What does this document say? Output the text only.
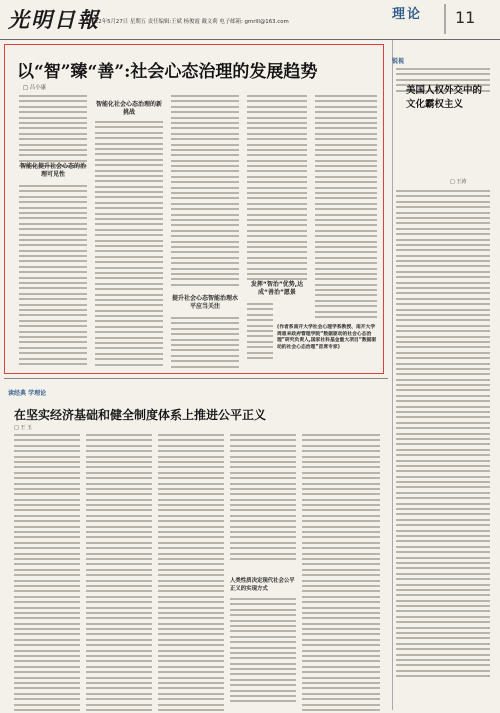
光明日報
2022年5月27日 星期五 责任编辑:王斌 杨俊霞 戴文莉 电子邮箱: gmrlll@163.com	理论 11
以“智”臻“善”:社会心态治理的发展趋势
□ 吕小康
智能化提升社会心态的治理可见性
智能化社会心态治理的新挑战
提升社会心态智能治理水平应当关注
发挥“智治”优势,达成“善治”愿景
(作者系南开大学社会心理学系教授、南开大学周恩来政府管理学院“数据驱动的社会心态治理”研究负责人,国家社科基金重大项目“数据驱动的社会心态治理”首席专家)
锐视
美国人权外交中的文化霸权主义
□ 王涛
读经典 学理论
在坚实经济基础和健全制度体系上推进公平正义
□ 王 玉
人类性质决定现代社会公平正义的实现方式
